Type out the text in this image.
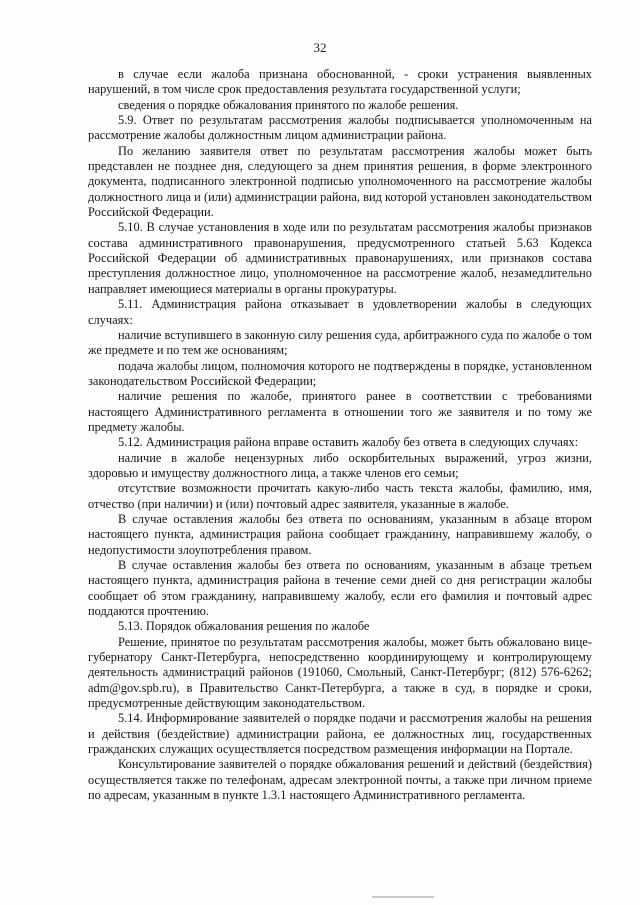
32

в случае если жалоба признана обоснованной, - сроки устранения выявленных нарушений, в том числе срок предоставления результата государственной услуги;

сведения о порядке обжалования принятого по жалобе решения.

5.9. Ответ по результатам рассмотрения жалобы подписывается уполномоченным на рассмотрение жалобы должностным лицом администрации района.

По желанию заявителя ответ по результатам рассмотрения жалобы может быть представлен не позднее дня, следующего за днем принятия решения, в форме электронного документа, подписанного электронной подписью уполномоченного на рассмотрение жалобы должностного лица и (или) администрации района, вид которой установлен законодательством Российской Федерации.

5.10. В случае установления в ходе или по результатам рассмотрения жалобы признаков состава административного правонарушения, предусмотренного статьей 5.63 Кодекса Российской Федерации об административных правонарушениях, или признаков состава преступления должностное лицо, уполномоченное на рассмотрение жалоб, незамедлительно направляет имеющиеся материалы в органы прокуратуры.

5.11. Администрация района отказывает в удовлетворении жалобы в следующих случаях:

наличие вступившего в законную силу решения суда, арбитражного суда по жалобе о том же предмете и по тем же основаниям;

подача жалобы лицом, полномочия которого не подтверждены в порядке, установленном законодательством Российской Федерации;

наличие решения по жалобе, принятого ранее в соответствии с требованиями настоящего Административного регламента в отношении того же заявителя и по тому же предмету жалобы.

5.12. Администрация района вправе оставить жалобу без ответа в следующих случаях:

наличие в жалобе нецензурных либо оскорбительных выражений, угроз жизни, здоровью и имуществу должностного лица, а также членов его семьи;

отсутствие возможности прочитать какую-либо часть текста жалобы, фамилию, имя, отчество (при наличии) и (или) почтовый адрес заявителя, указанные в жалобе.

В случае оставления жалобы без ответа по основаниям, указанным в абзаце втором настоящего пункта, администрация района сообщает гражданину, направившему жалобу, о недопустимости злоупотребления правом.

В случае оставления жалобы без ответа по основаниям, указанным в абзаце третьем настоящего пункта, администрация района в течение семи дней со дня регистрации жалобы сообщает об этом гражданину, направившему жалобу, если его фамилия и почтовый адрес поддаются прочтению.

5.13. Порядок обжалования решения по жалобе

Решение, принятое по результатам рассмотрения жалобы, может быть обжаловано вице-губернатору Санкт-Петербурга, непосредственно координирующему и контролирующему деятельность администраций районов (191060, Смольный, Санкт-Петербург; (812) 576-6262; adm@gov.spb.ru), в Правительство Санкт-Петербурга, а также в суд, в порядке и сроки, предусмотренные действующим законодательством.

5.14. Информирование заявителей о порядке подачи и рассмотрения жалобы на решения и действия (бездействие) администрации района, ее должностных лиц, государственных гражданских служащих осуществляется посредством размещения информации на Портале.

Консультирование заявителей о порядке обжалования решений и действий (бездействия) осуществляется также по телефонам, адресам электронной почты, а также при личном приеме по адресам, указанным в пункте 1.3.1 настоящего Административного регламента.
